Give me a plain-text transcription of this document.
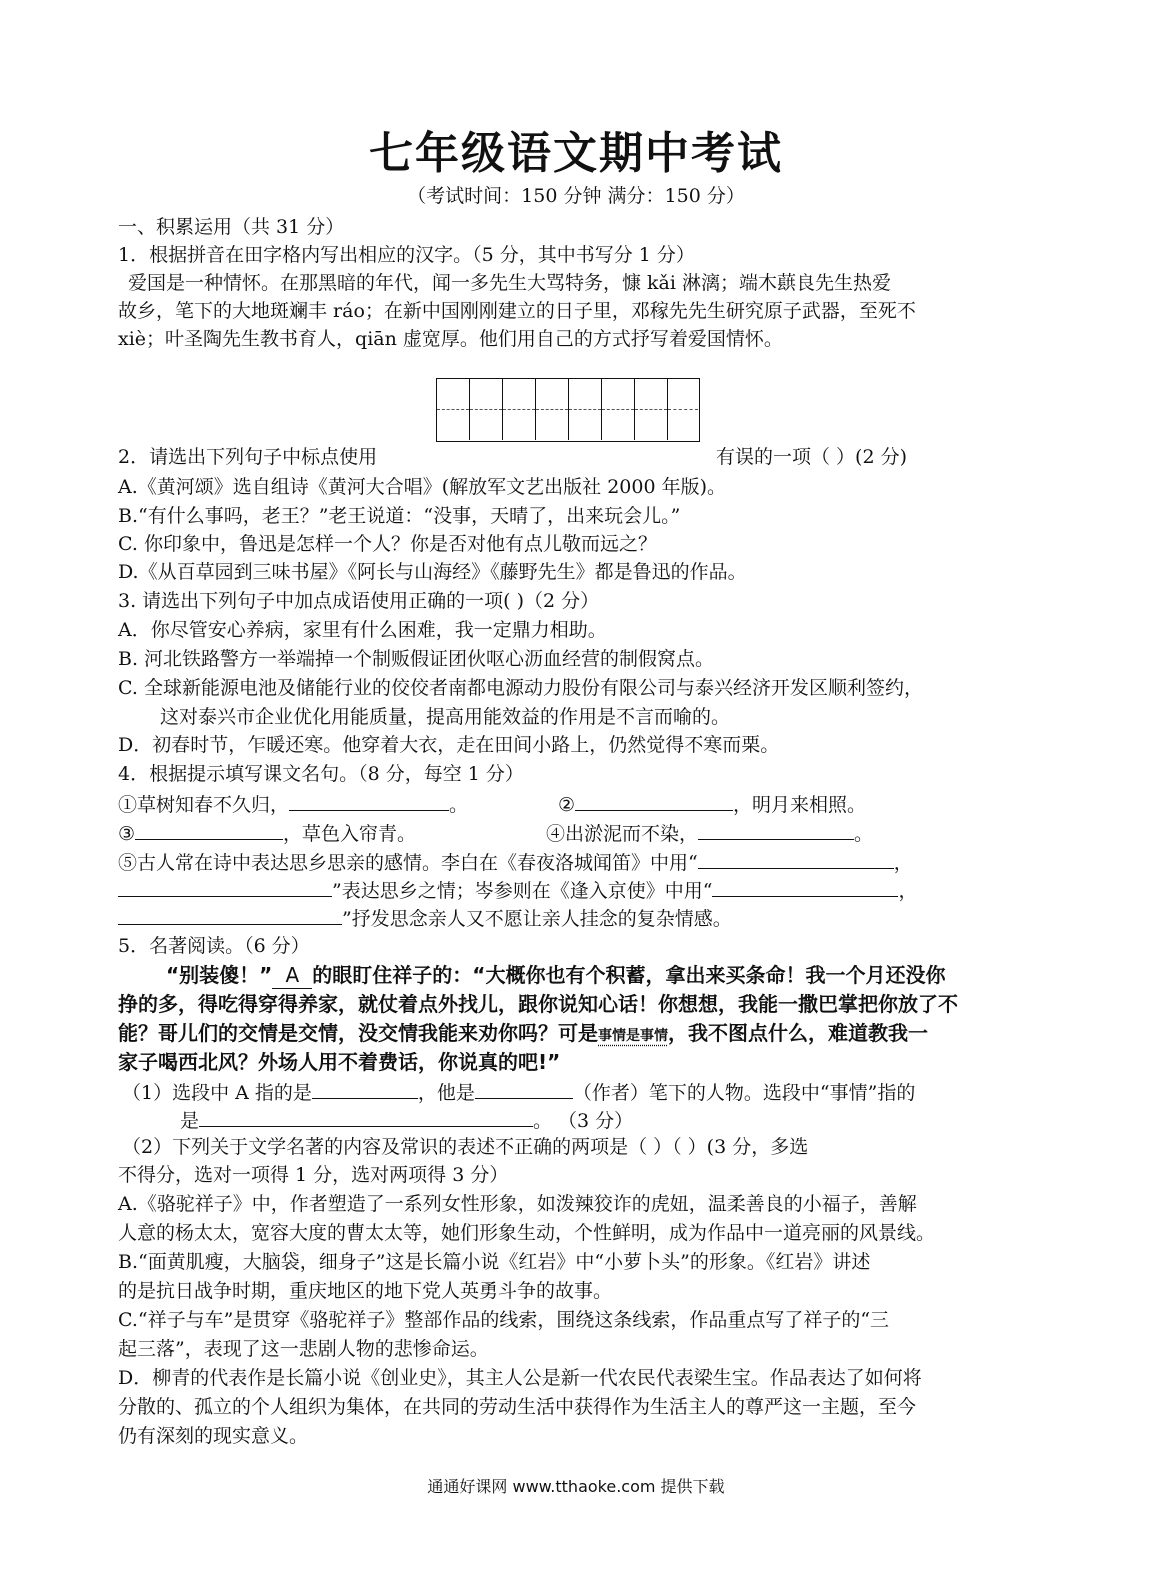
七年级语文期中考试
（考试时间：150 分钟 满分：150 分）
一、积累运用（共 31 分）
1．根据拼音在田字格内写出相应的汉字。（5 分，其中书写分 1 分）
爱国是一种情怀。在那黑暗的年代，闻一多先生大骂特务，慷 kǎi 淋漓；端木蕻良先生热爱
故乡，笔下的大地斑斓丰 ráo；在新中国刚刚建立的日子里，邓稼先先生研究原子武器，至死不
xiè；叶圣陶先生教书育人，qiān 虚宽厚。他们用自己的方式抒写着爱国情怀。
2．请选出下列句子中标点使用	有误的一项（ ）(2 分)
A.《黄河颂》选自组诗《黄河大合唱》(解放军文艺出版社 2000 年版)。
B.“有什么事吗，老王？”老王说道：“没事，天晴了，出来玩会儿。”
C. 你印象中，鲁迅是怎样一个人？你是否对他有点儿敬而远之？
D.《从百草园到三味书屋》《阿长与山海经》《藤野先生》都是鲁迅的作品。
3. 请选出下列句子中加点成语使用正确的一项( )（2 分）
A．你尽管安心养病，家里有什么困难，我一定鼎力相助。
B. 河北铁路警方一举端掉一个制贩假证团伙呕心沥血经营的制假窝点。
C. 全球新能源电池及储能行业的佼佼者南都电源动力股份有限公司与泰兴经济开发区顺利签约，
这对泰兴市企业优化用能质量，提高用能效益的作用是不言而喻的。
D．初春时节，乍暖还寒。他穿着大衣，走在田间小路上，仍然觉得不寒而栗。
4．根据提示填写课文名句。（8 分，每空 1 分）
①草树知春不久归，	。	②	，明月来相照。
③	，草色入帘青。	④出淤泥而不染，	。
⑤古人常在诗中表达思乡思亲的感情。李白在《春夜洛城闻笛》中用“	，
”表达思乡之情；岑参则在《逢入京使》中用“	，
”抒发思念亲人又不愿让亲人挂念的复杂情感。
5．名著阅读。（6 分）
“别装傻！” A 的眼盯住祥子的：“大概你也有个积蓄，拿出来买条命！我一个月还没你
挣的多，得吃得穿得养家，就仗着点外找儿，跟你说知心话！你想想，我能一撒巴掌把你放了不
能？哥儿们的交情是交情，没交情我能来劝你吗？可是事情是事情，我不图点什么，难道教我一
家子喝西北风？外场人用不着费话，你说真的吧!”
（1）选段中 A 指的是	，他是	（作者）笔下的人物。选段中“事情”指的
是	。 （3 分）
（2）下列关于文学名著的内容及常识的表述不正确的两项是（ ）（ ）(3 分，多选
不得分，选对一项得 1 分，选对两项得 3 分）
A.《骆驼祥子》中，作者塑造了一系列女性形象，如泼辣狡诈的虎妞，温柔善良的小福子，善解
人意的杨太太，宽容大度的曹太太等，她们形象生动，个性鲜明，成为作品中一道亮丽的风景线。
B.“面黄肌瘦，大脑袋，细身子”这是长篇小说《红岩》中“小萝卜头”的形象。《红岩》讲述
的是抗日战争时期，重庆地区的地下党人英勇斗争的故事。
C.“祥子与车”是贯穿《骆驼祥子》整部作品的线索，围绕这条线索，作品重点写了祥子的“三
起三落”，表现了这一悲剧人物的悲惨命运。
D．柳青的代表作是长篇小说《创业史》，其主人公是新一代农民代表梁生宝。作品表达了如何将
分散的、孤立的个人组织为集体，在共同的劳动生活中获得作为生活主人的尊严这一主题，至今
仍有深刻的现实意义。
通通好课网 www.tthaoke.com 提供下载
